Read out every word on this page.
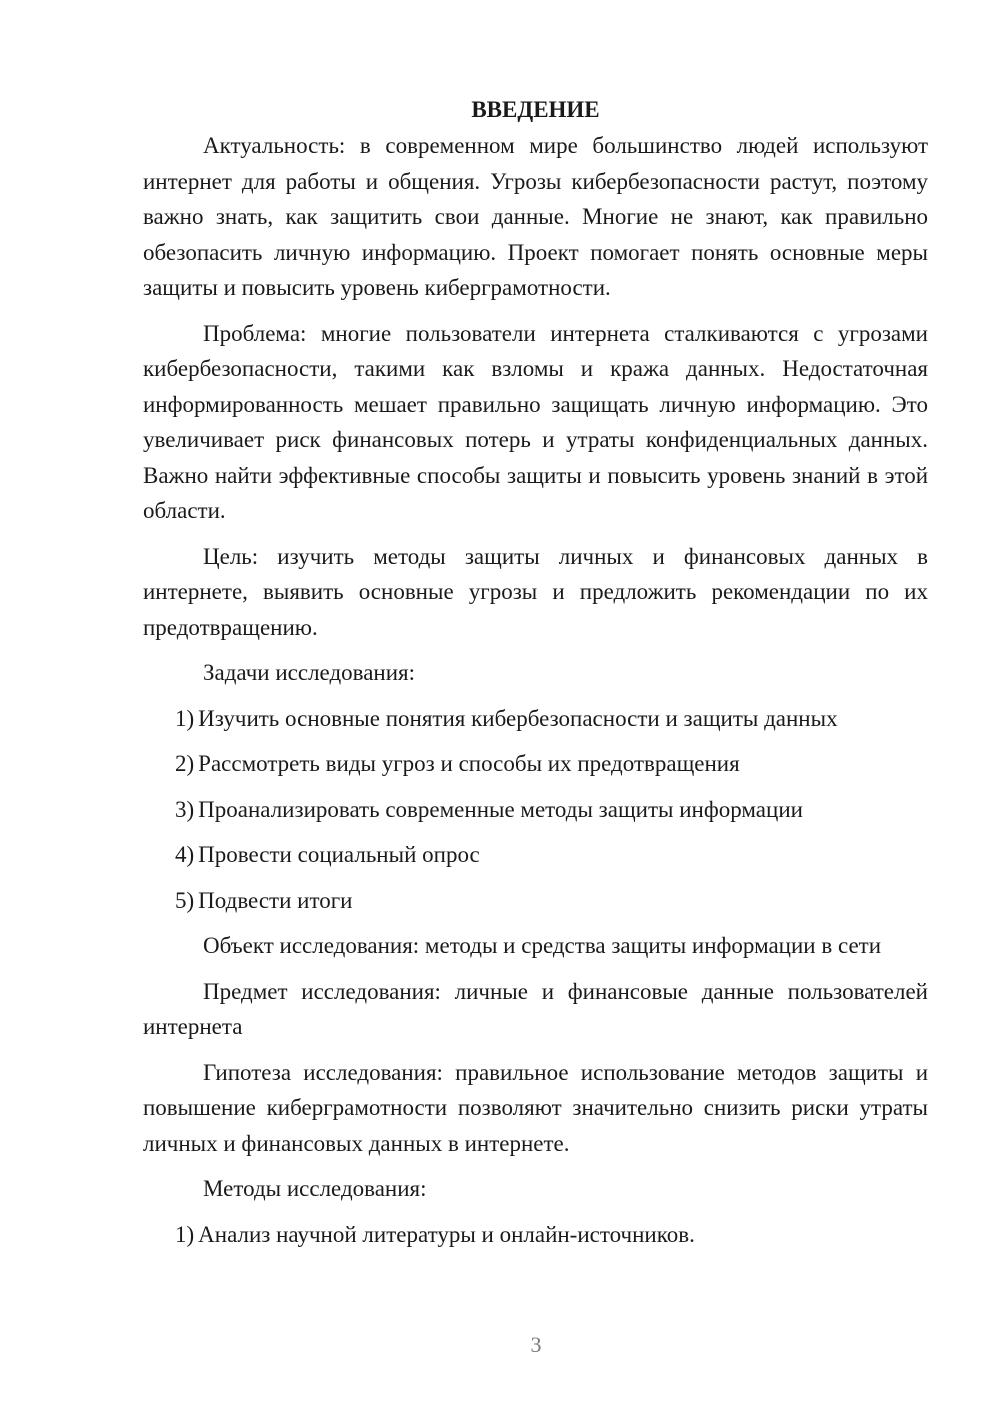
ВВЕДЕНИЕ

Актуальность: в современном мире большинство людей используют интернет для работы и общения. Угрозы кибербезопасности растут, поэтому важно знать, как защитить свои данные. Многие не знают, как правильно обезопасить личную информацию. Проект помогает понять основные меры защиты и повысить уровень киберграмотности.

Проблема: многие пользователи интернета сталкиваются с угрозами кибербезопасности, такими как взломы и кража данных. Недостаточная информированность мешает правильно защищать личную информацию. Это увеличивает риск финансовых потерь и утраты конфиденциальных данных. Важно найти эффективные способы защиты и повысить уровень знаний в этой области.

Цель: изучить методы защиты личных и финансовых данных в интернете, выявить основные угрозы и предложить рекомендации по их предотвращению.

Задачи исследования:

1) Изучить основные понятия кибербезопасности и защиты данных
2) Рассмотреть виды угроз и способы их предотвращения
3) Проанализировать современные методы защиты информации
4) Провести социальный опрос
5) Подвести итоги

Объект исследования: методы и средства защиты информации в сети

Предмет исследования: личные и финансовые данные пользователей интернета

Гипотеза исследования: правильное использование методов защиты и повышение киберграмотности позволяют значительно снизить риски утраты личных и финансовых данных в интернете.

Методы исследования:

1) Анализ научной литературы и онлайн-источников.
3
